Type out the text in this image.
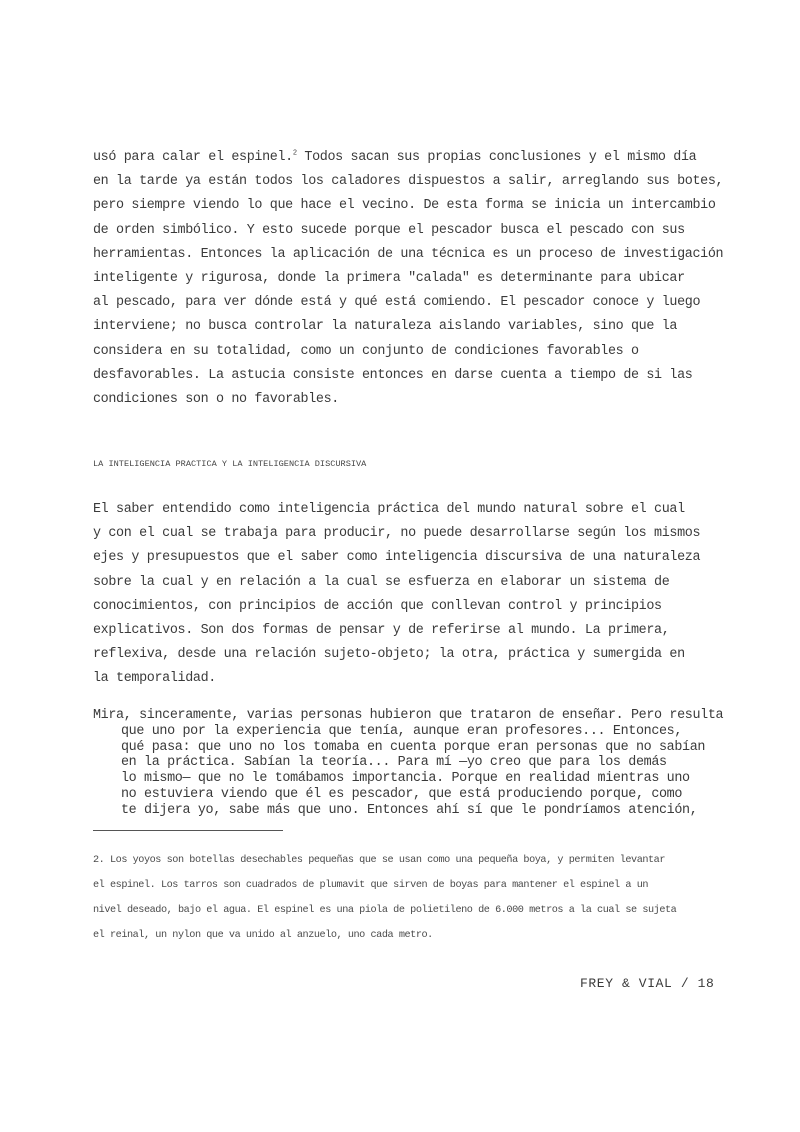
usó para calar el espinel.$^2$ Todos sacan sus propias conclusiones y el mismo día
en la tarde ya están todos los caladores dispuestos a salir, arreglando sus botes,
pero siempre viendo lo que hace el vecino. De esta forma se inicia un intercambio
de orden simbólico. Y esto sucede porque el pescador busca el pescado con sus
herramientas. Entonces la aplicación de una técnica es un proceso de investigación
inteligente y rigurosa, donde la primera "calada" es determinante para ubicar
al pescado, para ver dónde está y qué está comiendo. El pescador conoce y luego
interviene; no busca controlar la naturaleza aislando variables, sino que la
considera en su totalidad, como un conjunto de condiciones favorables o
desfavorables. La astucia consiste entonces en darse cuenta a tiempo de si las
condiciones son o no favorables.
LA INTELIGENCIA PRACTICA Y LA INTELIGENCIA DISCURSIVA
El saber entendido como inteligencia práctica del mundo natural sobre el cual
y con el cual se trabaja para producir, no puede desarrollarse según los mismos
ejes y presupuestos que el saber como inteligencia discursiva de una naturaleza
sobre la cual y en relación a la cual se esfuerza en elaborar un sistema de
conocimientos, con principios de acción que conllevan control y principios
explicativos. Son dos formas de pensar y de referirse al mundo. La primera,
reflexiva, desde una relación sujeto-objeto; la otra, práctica y sumergida en
la temporalidad.
Mira, sinceramente, varias personas hubieron que trataron de enseñar. Pero resulta
que uno por la experiencia que tenía, aunque eran profesores... Entonces,
qué pasa: que uno no los tomaba en cuenta porque eran personas que no sabían
en la práctica. Sabían la teoría... Para mí —yo creo que para los demás
lo mismo— que no le tomábamos importancia. Porque en realidad mientras uno
no estuviera viendo que él es pescador, que está produciendo porque, como
te dijera yo, sabe más que uno. Entonces ahí sí que le pondríamos atención,
2. Los yoyos son botellas desechables pequeñas que se usan como una pequeña boya, y permiten levantar
el espinel. Los tarros son cuadrados de plumavit que sirven de boyas para mantener el espinel a un
nivel deseado, bajo el agua. El espinel es una piola de polietileno de 6.000 metros a la cual se sujeta
el reinal, un nylon que va unido al anzuelo, uno cada metro.
FREY & VIAL / 18
